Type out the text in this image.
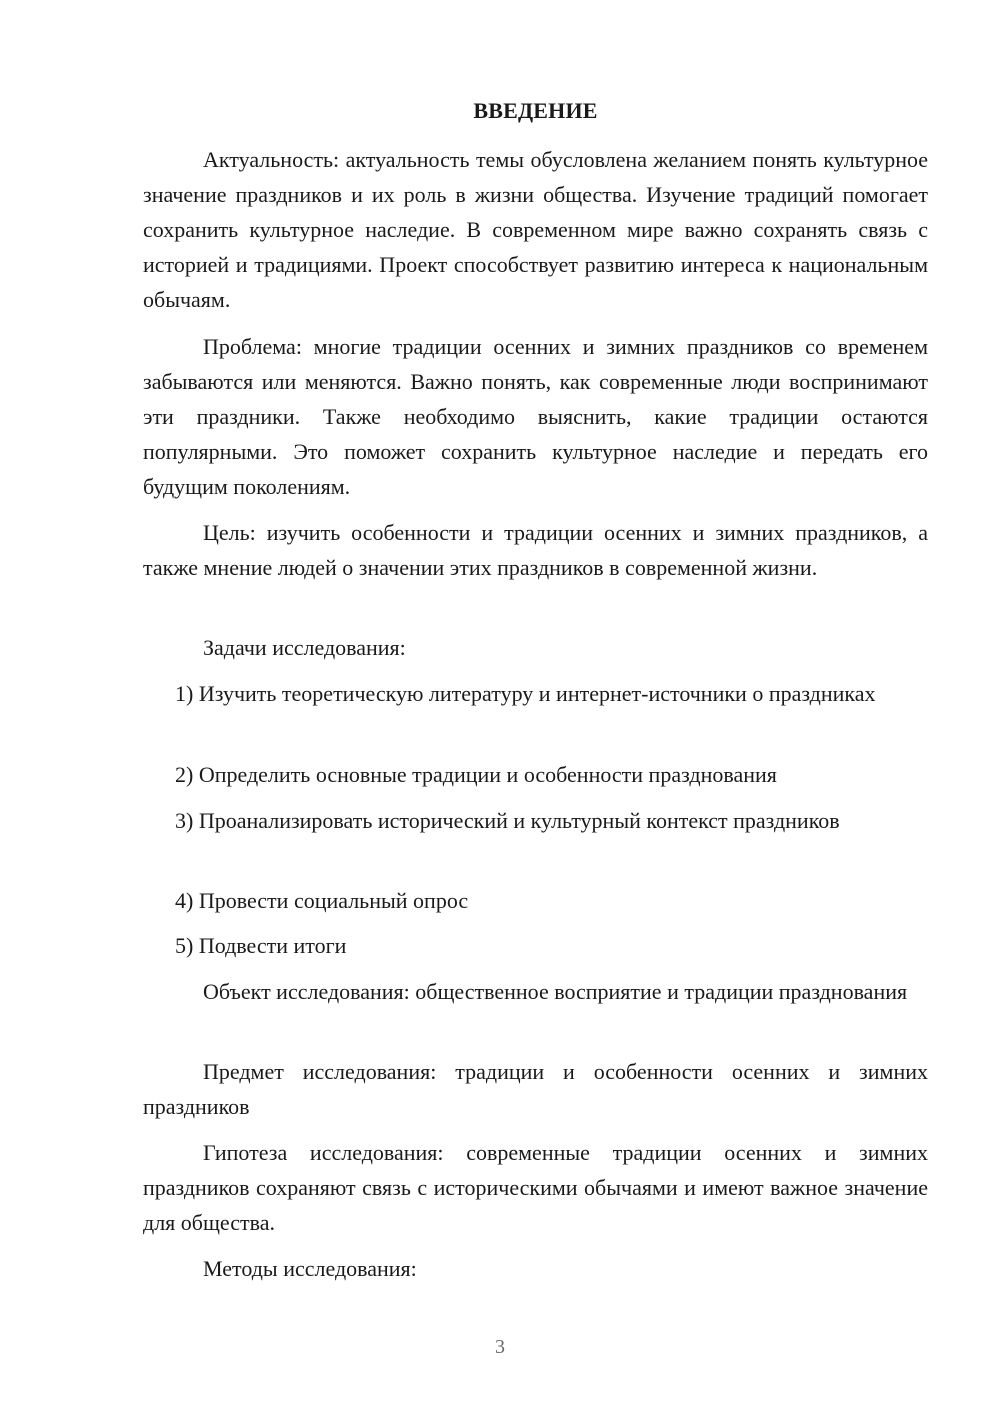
ВВЕДЕНИЕ
Актуальность: актуальность темы обусловлена желанием понять культурное значение праздников и их роль в жизни общества. Изучение традиций помогает сохранить культурное наследие. В современном мире важно сохранять связь с историей и традициями. Проект способствует развитию интереса к национальным обычаям.
Проблема: многие традиции осенних и зимних праздников со временем забываются или меняются. Важно понять, как современные люди воспринимают эти праздники. Также необходимо выяснить, какие традиции остаются популярными. Это поможет сохранить культурное наследие и передать его будущим поколениям.
Цель: изучить особенности и традиции осенних и зимних праздников, а также мнение людей о значении этих праздников в современной жизни.
Задачи исследования:
1) Изучить теоретическую литературу и интернет-источники о праздниках
2) Определить основные традиции и особенности празднования
3) Проанализировать исторический и культурный контекст праздников
4) Провести социальный опрос
5) Подвести итоги
Объект исследования: общественное восприятие и традиции празднования
Предмет исследования: традиции и особенности осенних и зимних праздников
Гипотеза исследования: современные традиции осенних и зимних праздников сохраняют связь с историческими обычаями и имеют важное значение для общества.
Методы исследования:
3
